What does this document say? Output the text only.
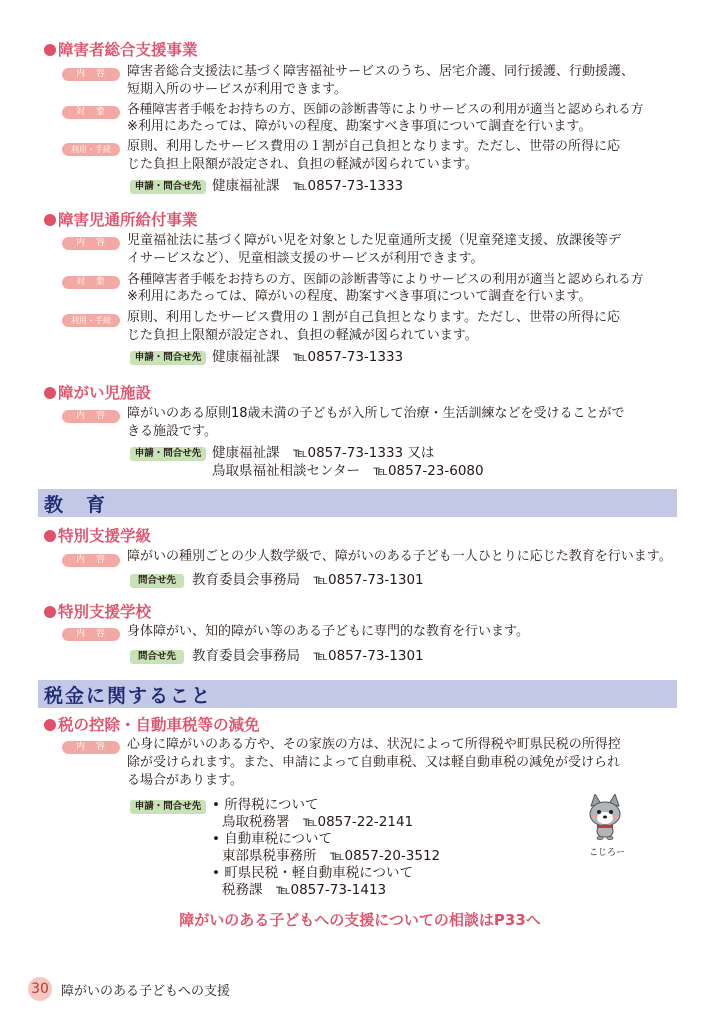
障害者総合支援事業
内　容	障害者総合支援法に基づく障害福祉サービスのうち、居宅介護、同行援護、行動援護、
短期入所のサービスが利用できます。
対　象	各種障害者手帳をお持ちの方、医師の診断書等によりサービスの利用が適当と認められる方
※利用にあたっては、障がいの程度、勘案すべき事項について調査を行います。
利用・手続	原則、利用したサービス費用の１割が自己負担となります。ただし、世帯の所得に応
じた負担上限額が設定され、負担の軽減が図られています。
申請・問合せ先 健康福祉課　℡0857-73-1333
障害児通所給付事業
内　容	児童福祉法に基づく障がい児を対象とした児童通所支援（児童発達支援、放課後等デ
イサービスなど）、児童相談支援のサービスが利用できます。
対　象	各種障害者手帳をお持ちの方、医師の診断書等によりサービスの利用が適当と認められる方
※利用にあたっては、障がいの程度、勘案すべき事項について調査を行います。
利用・手続	原則、利用したサービス費用の１割が自己負担となります。ただし、世帯の所得に応
じた負担上限額が設定され、負担の軽減が図られています。
申請・問合せ先 健康福祉課　℡0857-73-1333
障がい児施設
内　容	障がいのある原則18歳未満の子どもが入所して治療・生活訓練などを受けることがで
きる施設です。
申請・問合せ先 健康福祉課　℡0857-73-1333 又は
鳥取県福祉相談センター　℡0857-23-6080
教　育
特別支援学級
内　容	障がいの種別ごとの少人数学級で、障がいのある子ども一人ひとりに応じた教育を行います。
問合せ先	教育委員会事務局　℡0857-73-1301
特別支援学校
内　容	身体障がい、知的障がい等のある子どもに専門的な教育を行います。
問合せ先	教育委員会事務局　℡0857-73-1301
税金に関すること
税の控除・自動車税等の減免
内　容	心身に障がいのある方や、その家族の方は、状況によって所得税や町県民税の所得控
除が受けられます。また、申請によって自動車税、又は軽自動車税の減免が受けられ
る場合があります。
申請・問合せ先 • 所得税について
鳥取税務署　℡0857-22-2141
• 自動車税について
東部県税事務所　℡0857-20-3512
• 町県民税・軽自動車税について
税務課　℡0857-73-1413
こじろー
障がいのある子どもへの支援についての相談はP33へ
30 障がいのある子どもへの支援
